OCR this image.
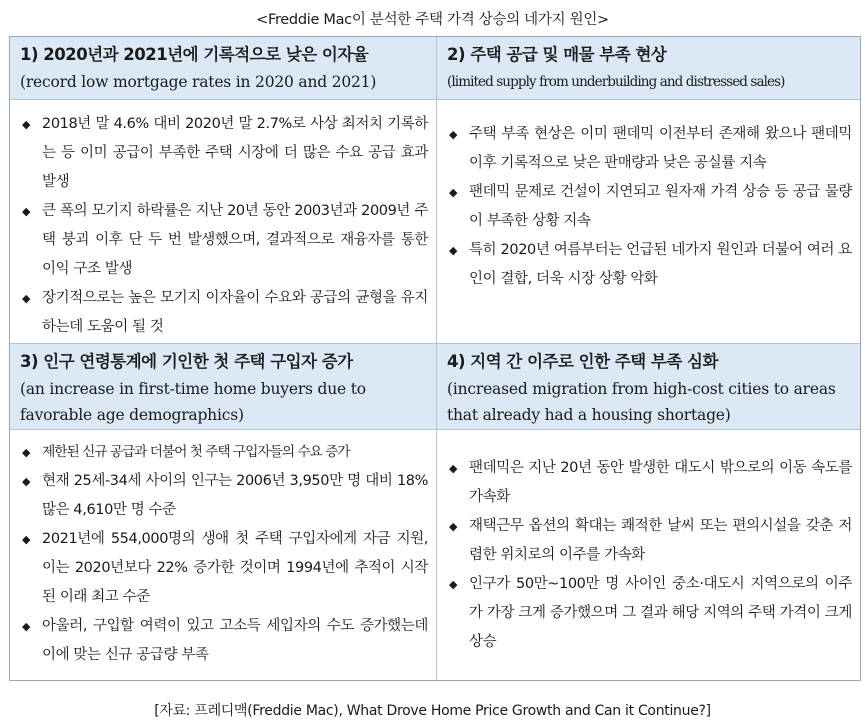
<Freddie Mac이 분석한 주택 가격 상승의 네가지 원인>
1) 2020년과 2021년에 기록적으로 낮은 이자율
(record low mortgage rates in 2020 and 2021)
2) 주택 공급 및 매물 부족 현상
(limited supply from underbuilding and distressed sales)
◆ 2018년 말 4.6% 대비 2020년 말 2.7%로 사상 최저치 기록하는 등 이미 공급이 부족한 주택 시장에 더 많은 수요 공급 효과 발생
◆ 큰 폭의 모기지 하락률은 지난 20년 동안 2003년과 2009년 주택 붕괴 이후 단 두 번 발생했으며, 결과적으로 재융자를 통한 이익 구조 발생
◆ 장기적으로는 높은 모기지 이자율이 수요와 공급의 균형을 유지하는데 도움이 될 것
◆ 주택 부족 현상은 이미 팬데믹 이전부터 존재해 왔으나 팬데믹 이후 기록적으로 낮은 판매량과 낮은 공실률 지속
◆ 팬데믹 문제로 건설이 지연되고 원자재 가격 상승 등 공급 물량이 부족한 상황 지속
◆ 특히 2020년 여름부터는 언급된 네가지 원인과 더불어 여러 요인이 결합, 더욱 시장 상황 악화
3) 인구 연령통계에 기인한 첫 주택 구입자 증가
(an increase in first-time home buyers due to favorable age demographics)
4) 지역 간 이주로 인한 주택 부족 심화
(increased migration from high-cost cities to areas that already had a housing shortage)
◆ 제한된 신규 공급과 더불어 첫 주택 구입자들의 수요 증가
◆ 현재 25세-34세 사이의 인구는 2006년 3,950만 명 대비 18% 많은 4,610만 명 수준
◆ 2021년에 554,000명의 생애 첫 주택 구입자에게 자금 지원, 이는 2020년보다 22% 증가한 것이며 1994년에 추적이 시작된 이래 최고 수준
◆ 아울러, 구입할 여력이 있고 고소득 세입자의 수도 증가했는데 이에 맞는 신규 공급량 부족
◆ 팬데믹은 지난 20년 동안 발생한 대도시 밖으로의 이동 속도를 가속화
◆ 재택근무 옵션의 확대는 쾌적한 날씨 또는 편의시설을 갖춘 저렴한 위치로의 이주를 가속화
◆ 인구가 50만~100만 명 사이인 중소·대도시 지역으로의 이주가 가장 크게 증가했으며 그 결과 해당 지역의 주택 가격이 크게 상승
[자료: 프레디맥(Freddie Mac), What Drove Home Price Growth and Can it Continue?]
